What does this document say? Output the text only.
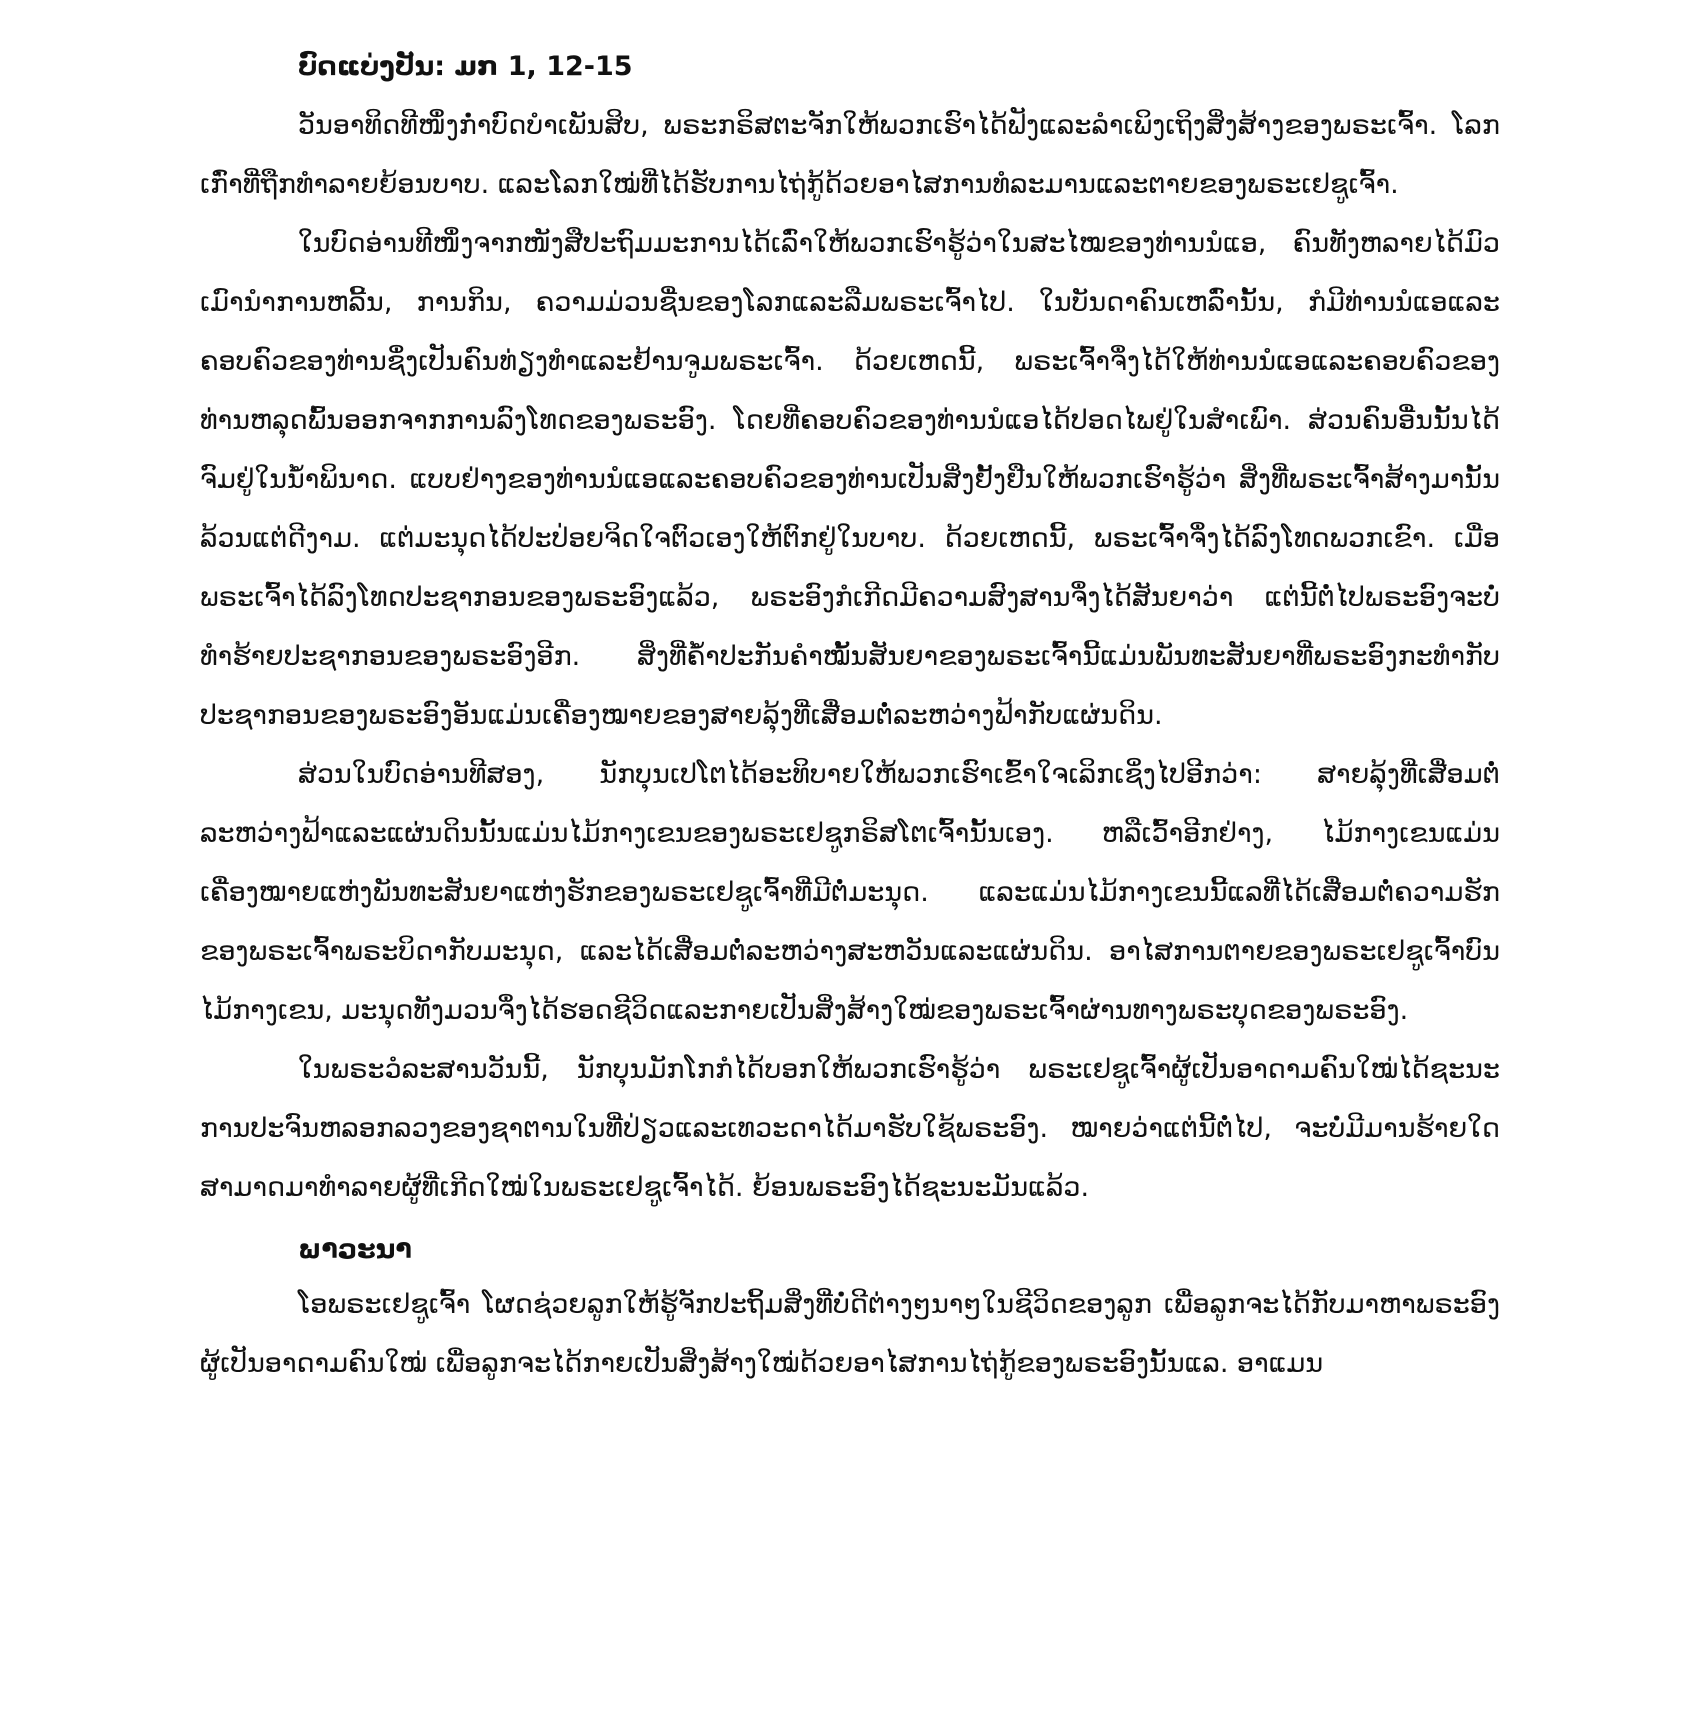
ບົດແບ່ງປັນ: ມກ 1, 12-15

ວັນອາທິດທີໜຶ່ງກ່ຳບົດບຳເພັນສິບ, ພຣະກຣິສຕະຈັກໃຫ້ພວກເຮົາໄດ້ຟັງແລະລຳເພິງເຖິງສິ່ງສ້າງຂອງພຣະເຈົ້າ. ໂລກເກົ່າທີ່ຖືກທຳລາຍຍ້ອນບາບ. ແລະໂລກໃໝ່ທີ່ໄດ້ຮັບການໄຖ່ກູ້ດ້ວຍອາໄສການທໍລະມານແລະຕາຍຂອງພຣະເຢຊູເຈົ້າ.

ໃນບົດອ່ານທີໜຶ່ງຈາກໜັງສືປະຖົມມະການໄດ້ເລົ່າໃຫ້ພວກເຮົາຮູ້ວ່າໃນສະໄໝຂອງທ່ານນໍແອ, ຄົນທັງຫລາຍໄດ້ມົວເມົານຳການຫລີ້ນ, ການກິນ, ຄວາມມ່ວນຊື່ນຂອງໂລກແລະລືມພຣະເຈົ້າໄປ. ໃນບັນດາຄົນເຫລົ່ານັ້ນ, ກໍມີທ່ານນໍແອແລະຄອບຄົວຂອງທ່ານຊຶ່ງເປັນຄົນທ່ຽງທຳແລະຢ້ານຈູມພຣະເຈົ້າ. ດ້ວຍເຫດນີ້, ພຣະເຈົ້າຈຶ່ງໄດ້ໃຫ້ທ່ານນໍແອແລະຄອບຄົວຂອງທ່ານຫລຸດພົ້ນອອກຈາກການລົງໂທດຂອງພຣະອົງ. ໂດຍທີ່ຄອບຄົວຂອງທ່ານນໍແອໄດ້ປອດໄພຢູ່ໃນສຳເພົາ. ສ່ວນຄົນອື່ນນັ້ນໄດ້ຈົມຢູ່ໃນນ້ຳພິນາດ. ແບບຢ່າງຂອງທ່ານນໍແອແລະຄອບຄົວຂອງທ່ານເປັນສິ່ງຢັ້ງຢືນໃຫ້ພວກເຮົາຮູ້ວ່າ ສິ່ງທີ່ພຣະເຈົ້າສ້າງມານັ້ນລ້ວນແຕ່ດີງາມ. ແຕ່ມະນຸດໄດ້ປະປ່ອຍຈິດໃຈຕົວເອງໃຫ້ຕົກຢູ່ໃນບາບ. ດ້ວຍເຫດນີ້, ພຣະເຈົ້າຈຶ່ງໄດ້ລົງໂທດພວກເຂົາ. ເມື່ອພຣະເຈົ້າໄດ້ລົງໂທດປະຊາກອນຂອງພຣະອົງແລ້ວ, ພຣະອົງກໍເກີດມີຄວາມສົງສານຈຶ່ງໄດ້ສັນຍາວ່າ ແຕ່ນີ້ຕໍ່ໄປພຣະອົງຈະບໍ່ທຳຮ້າຍປະຊາກອນຂອງພຣະອົງອີກ. ສິ່ງທີ່ຄ້ຳປະກັນຄຳໝັ້ນສັນຍາຂອງພຣະເຈົ້ານີ້ແມ່ນພັນທະສັນຍາທີ່ພຣະອົງກະທຳກັບປະຊາກອນຂອງພຣະອົງອັນແມ່ນເຄື່ອງໝາຍຂອງສາຍລຸ້ງທີ່ເສື່ອມຕໍ່ລະຫວ່າງຟ້າກັບແຜ່ນດິນ.

ສ່ວນໃນບົດອ່ານທີສອງ, ນັກບຸນເປໂຕໄດ້ອະທິບາຍໃຫ້ພວກເຮົາເຂົ້າໃຈເລິກເຊິ່ງໄປອີກວ່າ: ສາຍລຸ້ງທີ່ເສື່ອມຕໍ່ລະຫວ່າງຟ້າແລະແຜ່ນດິນນັ້ນແມ່ນໄມ້ກາງເຂນຂອງພຣະເຢຊູກຣິສໂຕເຈົ້ານັ້ນເອງ. ຫລືເວົ້າອີກຢ່າງ, ໄມ້ກາງເຂນແມ່ນເຄື່ອງໝາຍແຫ່ງພັນທະສັນຍາແຫ່ງຮັກຂອງພຣະເຢຊູເຈົ້າທີ່ມີຕໍ່ມະນຸດ. ແລະແມ່ນໄມ້ກາງເຂນນີ້ແລທີ່ໄດ້ເສື່ອມຕໍ່ຄວາມຮັກຂອງພຣະເຈົ້າພຣະບິດາກັບມະນຸດ, ແລະໄດ້ເສື່ອມຕໍ່ລະຫວ່າງສະຫວັນແລະແຜ່ນດິນ. ອາໄສການຕາຍຂອງພຣະເຢຊູເຈົ້າບົນໄມ້ກາງເຂນ, ມະນຸດທັງມວນຈຶ່ງໄດ້ຮອດຊີວິດແລະກາຍເປັນສິ່ງສ້າງໃໝ່ຂອງພຣະເຈົ້າຜ່ານທາງພຣະບຸດຂອງພຣະອົງ.

ໃນພຣະວໍລະສານວັນນີ້, ນັກບຸນມັກໂກກໍໄດ້ບອກໃຫ້ພວກເຮົາຮູ້ວ່າ ພຣະເຢຊູເຈົ້າຜູ້ເປັນອາດາມຄົນໃໝ່ໄດ້ຊະນະການປະຈົນຫລອກລວງຂອງຊາຕານໃນທີ່ປ່ຽວແລະເທວະດາໄດ້ມາຮັບໃຊ້ພຣະອົງ. ໝາຍວ່າແຕ່ນີ້ຕໍ່ໄປ, ຈະບໍ່ມີມານຮ້າຍໃດສາມາດມາທຳລາຍຜູ້ທີ່ເກີດໃໝ່ໃນພຣະເຢຊູເຈົ້າໄດ້. ຍ້ອນພຣະອົງໄດ້ຊະນະມັນແລ້ວ.

ພາວະນາ

ໂອພຣະເຢຊູເຈົ້າ ໂຜດຊ່ວຍລູກໃຫ້ຮູ້ຈັກປະຖິ້ມສິ່ງທີ່ບໍ່ດີຕ່າງໆນາໆໃນຊີວິດຂອງລູກ ເພື່ອລູກຈະໄດ້ກັບມາຫາພຣະອົງຜູ້ເປັນອາດາມຄົນໃໝ່ ເພື່ອລູກຈະໄດ້ກາຍເປັນສິ່ງສ້າງໃໝ່ດ້ວຍອາໄສການໄຖ່ກູ້ຂອງພຣະອົງນັ້ນແລ. ອາແມນ
